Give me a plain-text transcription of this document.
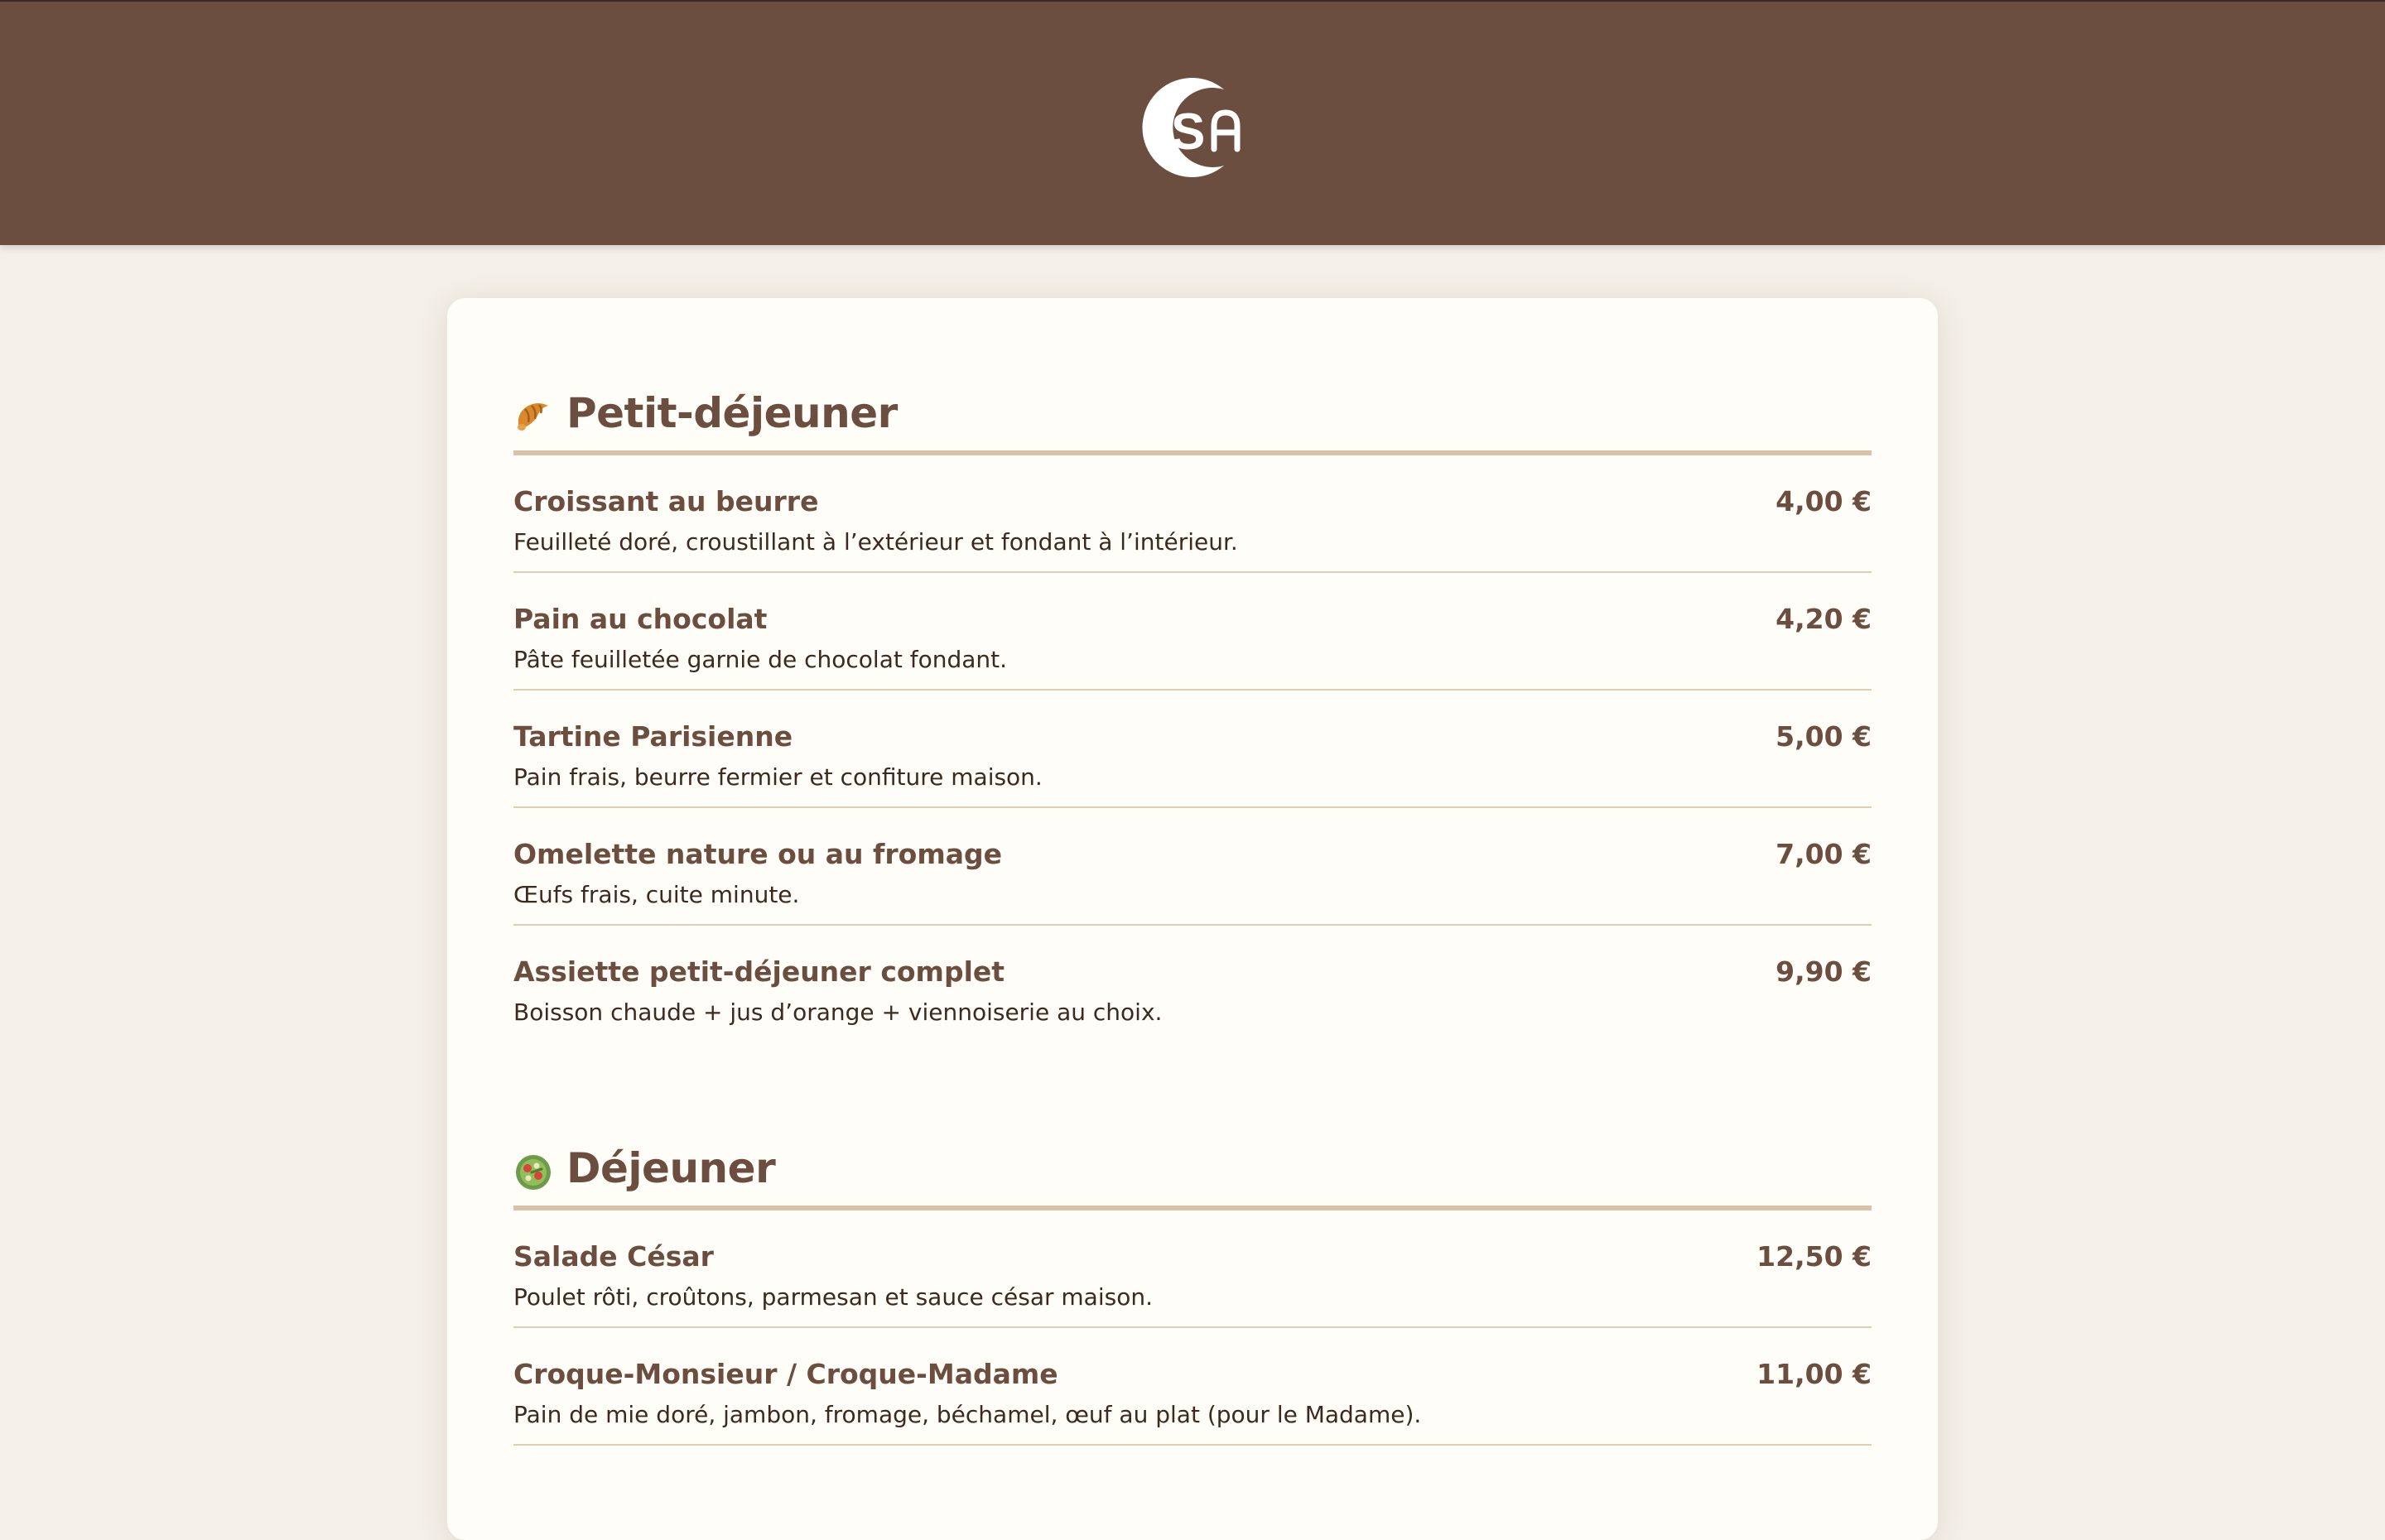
S
Petit-déjeuner
Croissant au beurre	4,00 €
Feuilleté doré, croustillant à l’extérieur et fondant à l’intérieur.
Pain au chocolat	4,20 €
Pâte feuilletée garnie de chocolat fondant.
Tartine Parisienne	5,00 €
Pain frais, beurre fermier et confiture maison.
Omelette nature ou au fromage	7,00 €
Œufs frais, cuite minute.
Assiette petit-déjeuner complet	9,90 €
Boisson chaude + jus d’orange + viennoiserie au choix.
Déjeuner
Salade César	12,50 €
Poulet rôti, croûtons, parmesan et sauce césar maison.
Croque-Monsieur / Croque-Madame	11,00 €
Pain de mie doré, jambon, fromage, béchamel, œuf au plat (pour le Madame).
